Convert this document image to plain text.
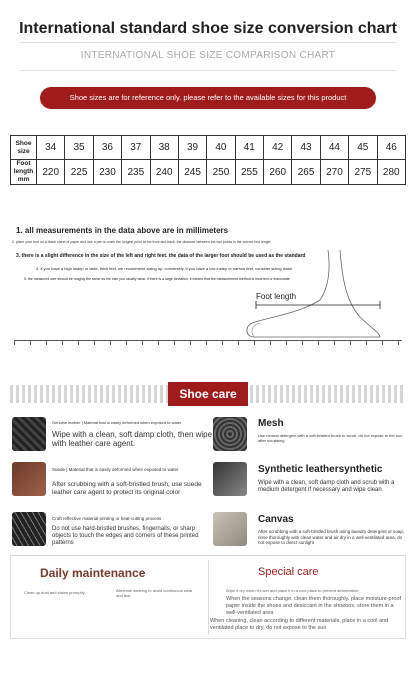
International standard shoe size conversion chart
INTERNATIONAL SHOE SIZE COMPARISON CHART
Shoe sizes are for reference only. please refer to the available sizes for this product
Shoe size	34	35	36	37	38	39	40	41	42	43	44	45	46
Foot length mm	220	225	230	235	240	245	250	255	260	265	270	275	280
1. all measurements in the data above are in millimeters
2. place your foot on a blank sheet of paper and use a pen to mark the longest point at the front and back. the distance between the two points is the correct foot length
3. there is a slight difference in the size of the left and right feet. the data of the larger foot should be used as the standard
4. if you have a high instep or wide, thick feet, we recommend sizing up. conversely, if you have a low instep or narrow feet, consider sizing down
5. the measured size should be roughly the same as the size you usually wear. if there is a large deviation, it means that the measurement method is incorrect or inaccurate
Foot length
Shoe care
Genuine leather | Material that is easily deformed when exposed to water
Wipe with a clean, soft damp cloth, then wipe with leather care agent.
Mesh
Use neutral detergent with a soft-bristled brush to scrub. do not expose to the sun after scrubbing
Suede | Material that is easily deformed when exposed to water
After scrubbing with a soft-bristled brush, use suede leather care agent to protect its original color
Synthetic leathersynthetic
Wipe with a clean, soft damp cloth and scrub with a medium detergent if necessary and wipe clean
Craft reflective material printing or heat-cutting process
Do not use hard-bristled brushes, fingernails, or sharp objects to touch the edges and corners of these printed patterns
Canvas
After scrubbing with a soft-bristled brush using laundry detergent or soap, rinse thoroughly with clean water and air dry in a well-ventilated area. do not expose to direct sunlight
Daily maintenance
Clean up dust and stains promptly	Alternate wearing to avoid continuous wear and tear
Special care
Wipe it dry when it's wet and place it in a cool place to prevent deformation
When the seasons change, clean them thoroughly. place moisture-proof paper inside the shoes and desiccant in the shoebox. store them in a well-ventilated area
When cleaning, clean according to different materials, place in a cool and ventilated place to dry, do not expose to the sun
